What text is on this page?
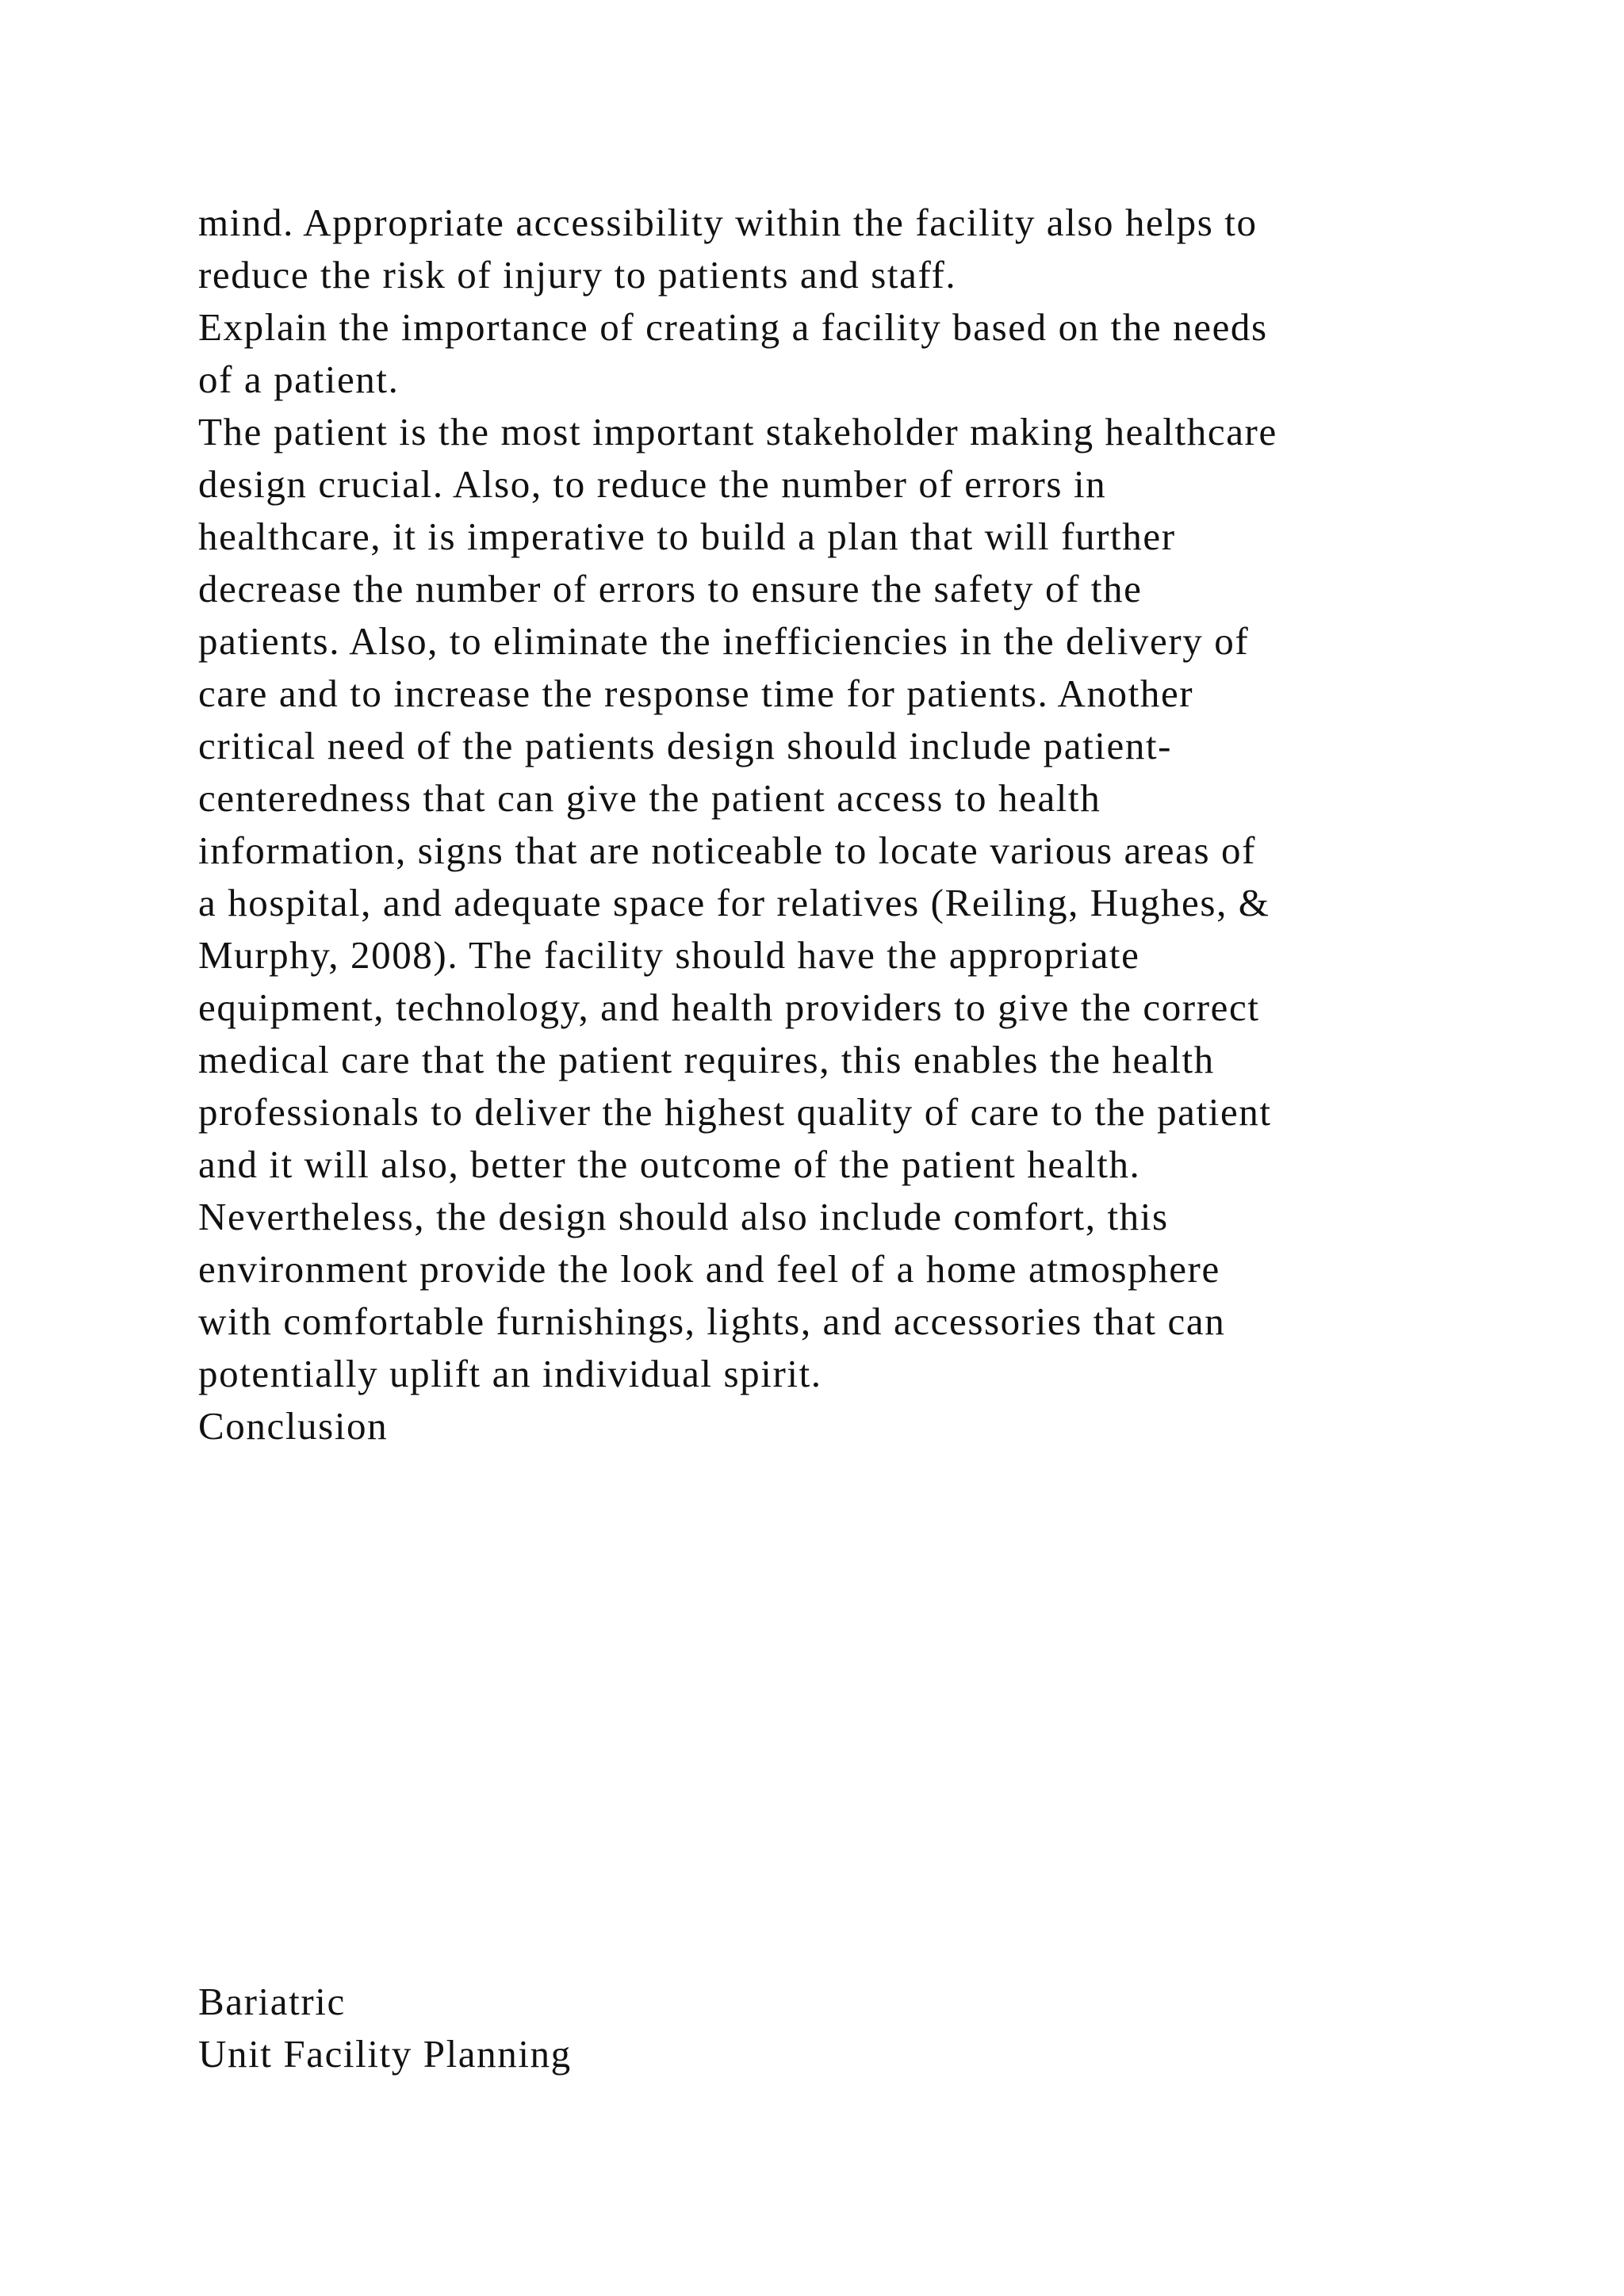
mind. Appropriate accessibility within the facility also helps to
reduce the risk of injury to patients and staff.
Explain the importance of creating a facility based on the needs
of a patient.
The patient is the most important stakeholder making healthcare
design crucial. Also, to reduce the number of errors in
healthcare, it is imperative to build a plan that will further
decrease the number of errors to ensure the safety of the
patients. Also, to eliminate the inefficiencies in the delivery of
care and to increase the response time for patients. Another
critical need of the patients design should include patient-
centeredness that can give the patient access to health
information, signs that are noticeable to locate various areas of
a hospital, and adequate space for relatives (Reiling, Hughes, &
Murphy, 2008). The facility should have the appropriate
equipment, technology, and health providers to give the correct
medical care that the patient requires, this enables the health
professionals to deliver the highest quality of care to the patient
and it will also, better the outcome of the patient health.
Nevertheless, the design should also include comfort, this
environment provide the look and feel of a home atmosphere
with comfortable furnishings, lights, and accessories that can
potentially uplift an individual spirit.
Conclusion
Bariatric
Unit Facility Planning
